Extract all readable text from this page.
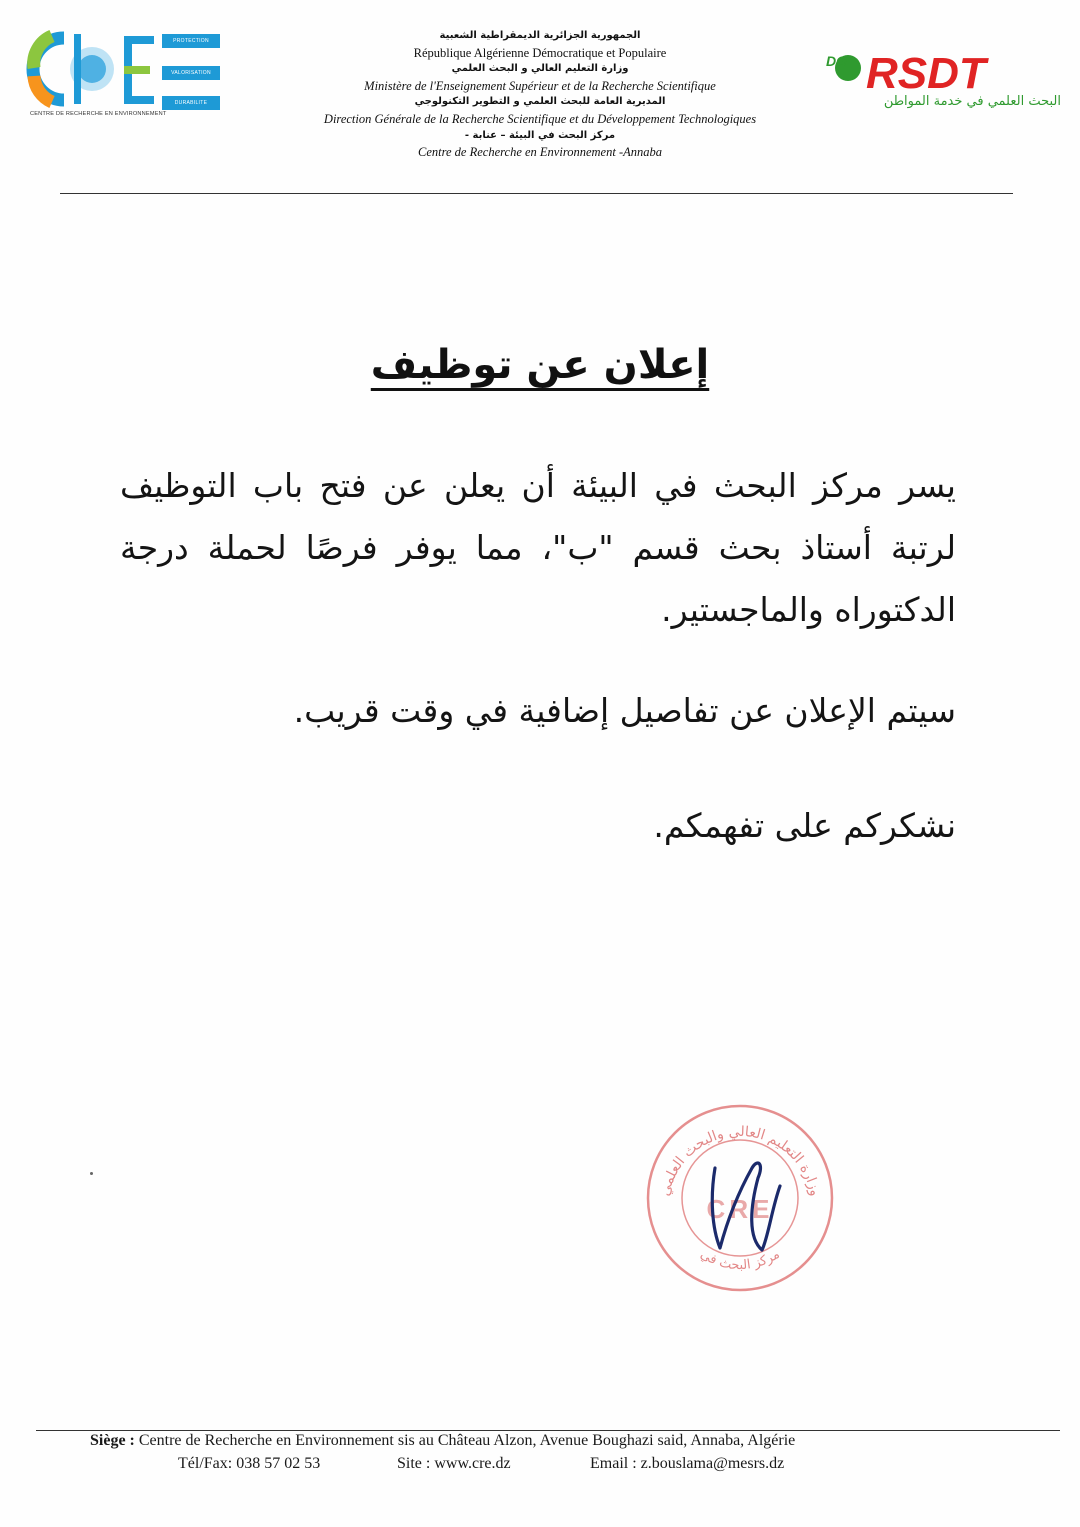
PROTECTION
VALORISATION
DURABILITE
CENTRE DE RECHERCHE EN ENVIRONNEMENT
الجمهورية الجزائرية الديمقراطية الشعبية
République Algérienne Démocratique et Populaire
وزارة التعليم العالي و البحث العلمي
Ministère de l'Enseignement Supérieur et de la Recherche Scientifique
المديرية العامة للبحث العلمي و التطوير التكنولوجي
Direction Générale de la Recherche Scientifique et du Développement Technologiques
مركز البحث في البيئة – عنابة -
Centre de Recherche en Environnement -Annaba
DG RSDT
البحث العلمي في خدمة المواطن
إعلان عن توظيف
يسر مركز البحث في البيئة أن يعلن عن فتح باب التوظيف لرتبة أستاذ بحث قسم "ب"، مما يوفر فرصًا لحملة درجة الدكتوراه والماجستير.
سيتم الإعلان عن تفاصيل إضافية في وقت قريب.
نشكركم على تفهمكم.
وزارة التعليم العالي والبحث العلمي
مركز البحث في
CRE
Siège : Centre de Recherche en Environnement sis au Château Alzon, Avenue Boughazi said, Annaba, Algérie
Tél/Fax: 038 57 02 53	Site : www.cre.dz	Email : z.bouslama@mesrs.dz
